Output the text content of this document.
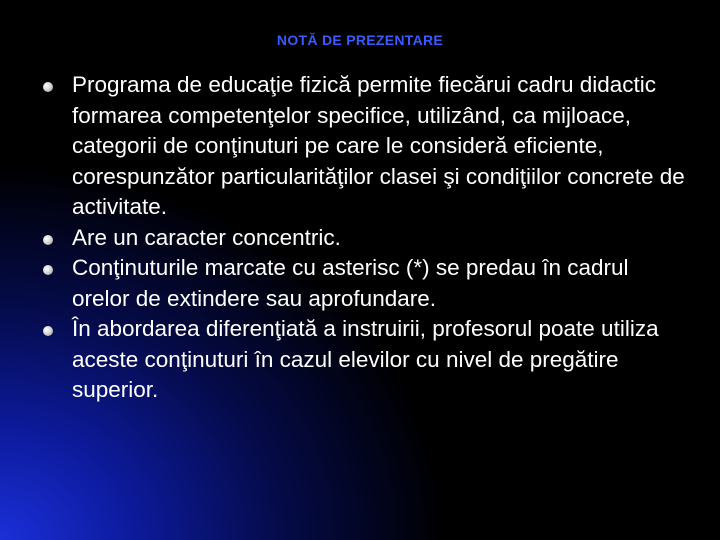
NOTĂ DE PREZENTARE
Programa de educaţie fizică permite fiecărui cadru didactic formarea competenţelor specifice, utilizând, ca mijloace, categorii de conţinuturi pe care le consideră eficiente, corespunzător particularităţilor clasei şi condiţiilor concrete de activitate.
Are un caracter concentric.
Conţinuturile marcate cu asterisc (*) se predau în cadrul orelor de extindere sau aprofundare.
În abordarea diferenţiată a instruirii, profesorul poate utiliza aceste conţinuturi în cazul elevilor cu nivel de pregătire superior.
